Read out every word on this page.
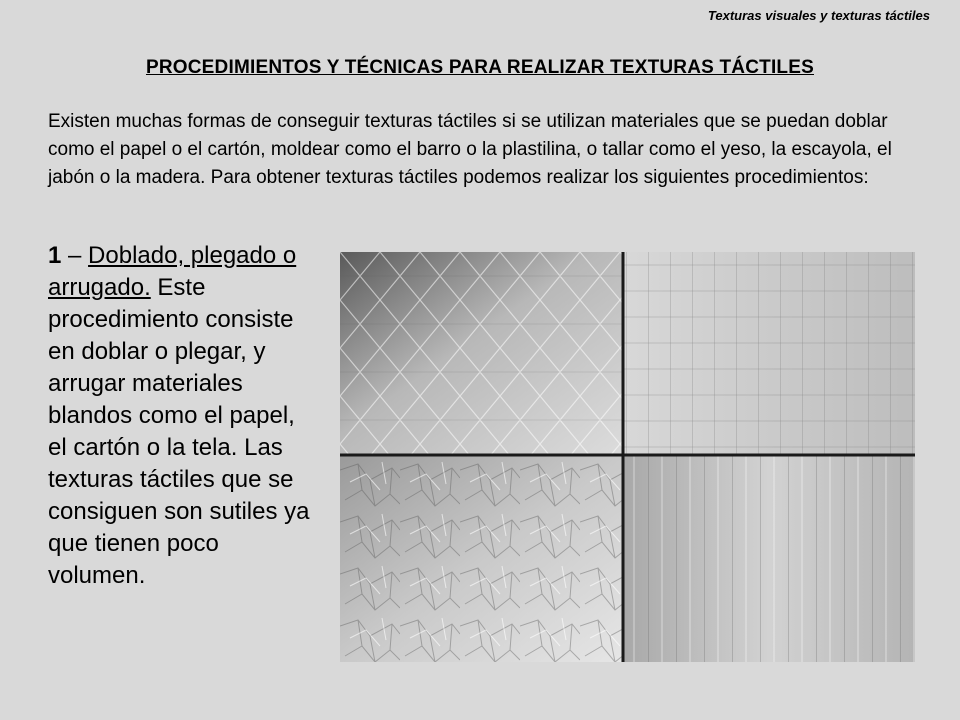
Texturas visuales y texturas táctiles
PROCEDIMIENTOS Y TÉCNICAS PARA REALIZAR TEXTURAS TÁCTILES
Existen muchas formas de conseguir texturas táctiles si se utilizan materiales que se puedan doblar como el papel o el cartón, moldear como el barro o la plastilina, o tallar como el yeso, la escayola, el jabón o la madera. Para obtener texturas táctiles podemos realizar los siguientes procedimientos:
1 – Doblado, plegado o arrugado. Este procedimiento consiste en doblar o plegar, y arrugar materiales blandos como el papel, el cartón o la tela. Las texturas táctiles que se consiguen son sutiles ya que tienen poco volumen.
